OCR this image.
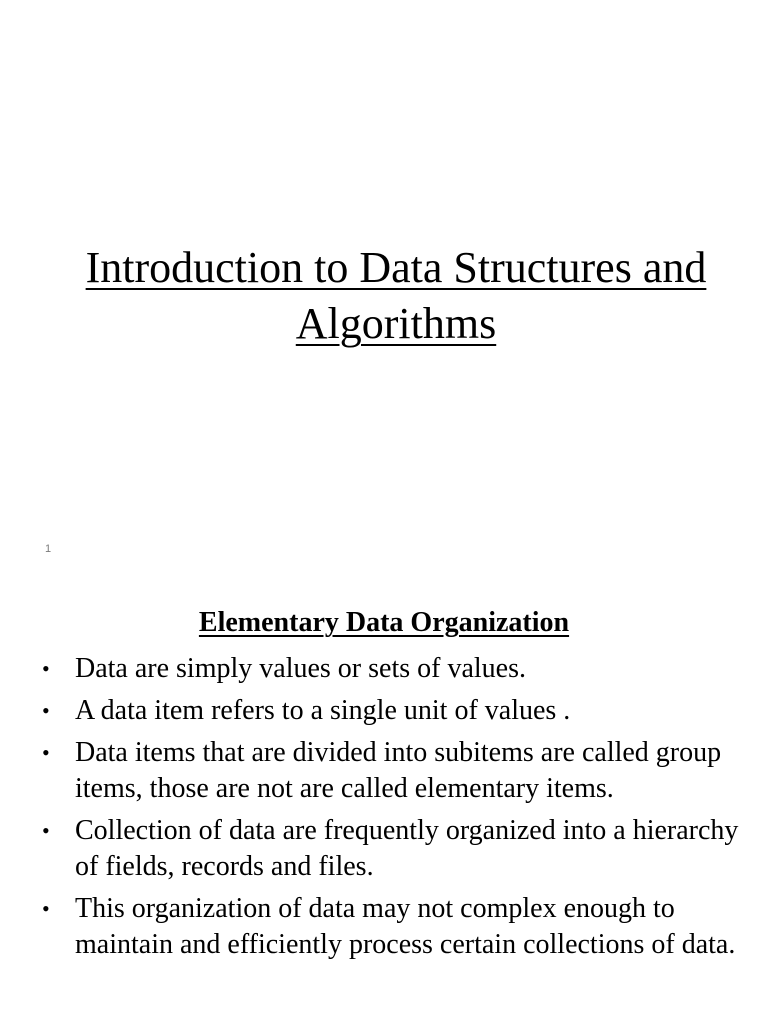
Introduction to Data Structures and Algorithms
1
Elementary Data Organization
• Data are simply values or sets of values.
• A data item refers to a single unit of values .
• Data items that are divided into subitems are called group items, those are not are called elementary items.
• Collection of data are frequently organized into a hierarchy of fields, records and files.
• This organization of data may not complex enough to maintain and efficiently process certain collections of data.
